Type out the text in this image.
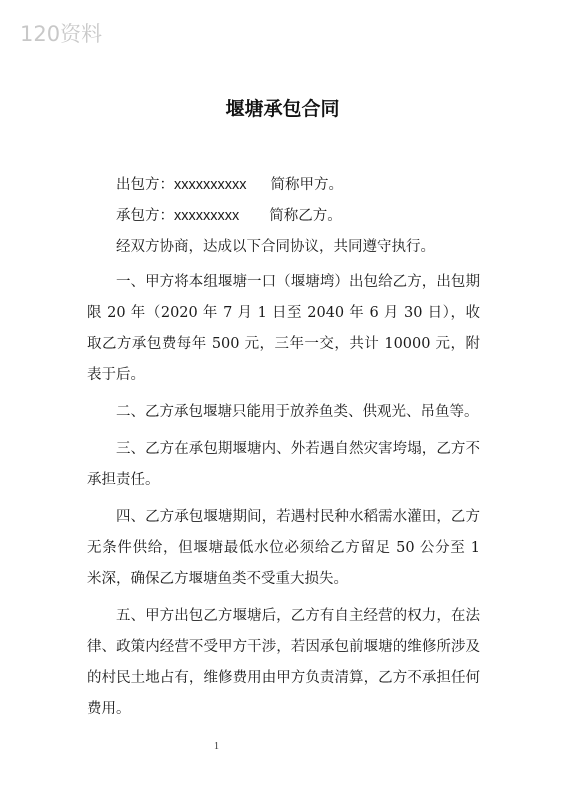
120资料
堰塘承包合同

出包方：xxxxxxxxxx 简称甲方。

承包方：xxxxxxxxx 简称乙方。

经双方协商，达成以下合同协议，共同遵守执行。

一、甲方将本组堰塘一口（堰塘塆）出包给乙方，出包期限 20 年（2020 年 7 月 1 日至 2040 年 6 月 30 日），收取乙方承包费每年 500 元，三年一交，共计 10000 元，附表于后。

二、乙方承包堰塘只能用于放养鱼类、供观光、吊鱼等。

三、乙方在承包期堰塘内、外若遇自然灾害垮塌，乙方不承担责任。

四、乙方承包堰塘期间，若遇村民种水稻需水灌田，乙方无条件供给，但堰塘最低水位必须给乙方留足 50 公分至 1 米深，确保乙方堰塘鱼类不受重大损失。

五、甲方出包乙方堰塘后，乙方有自主经营的权力，在法律、政策内经营不受甲方干涉，若因承包前堰塘的维修所涉及的村民土地占有，维修费用由甲方负责清算，乙方不承担任何费用。

1
